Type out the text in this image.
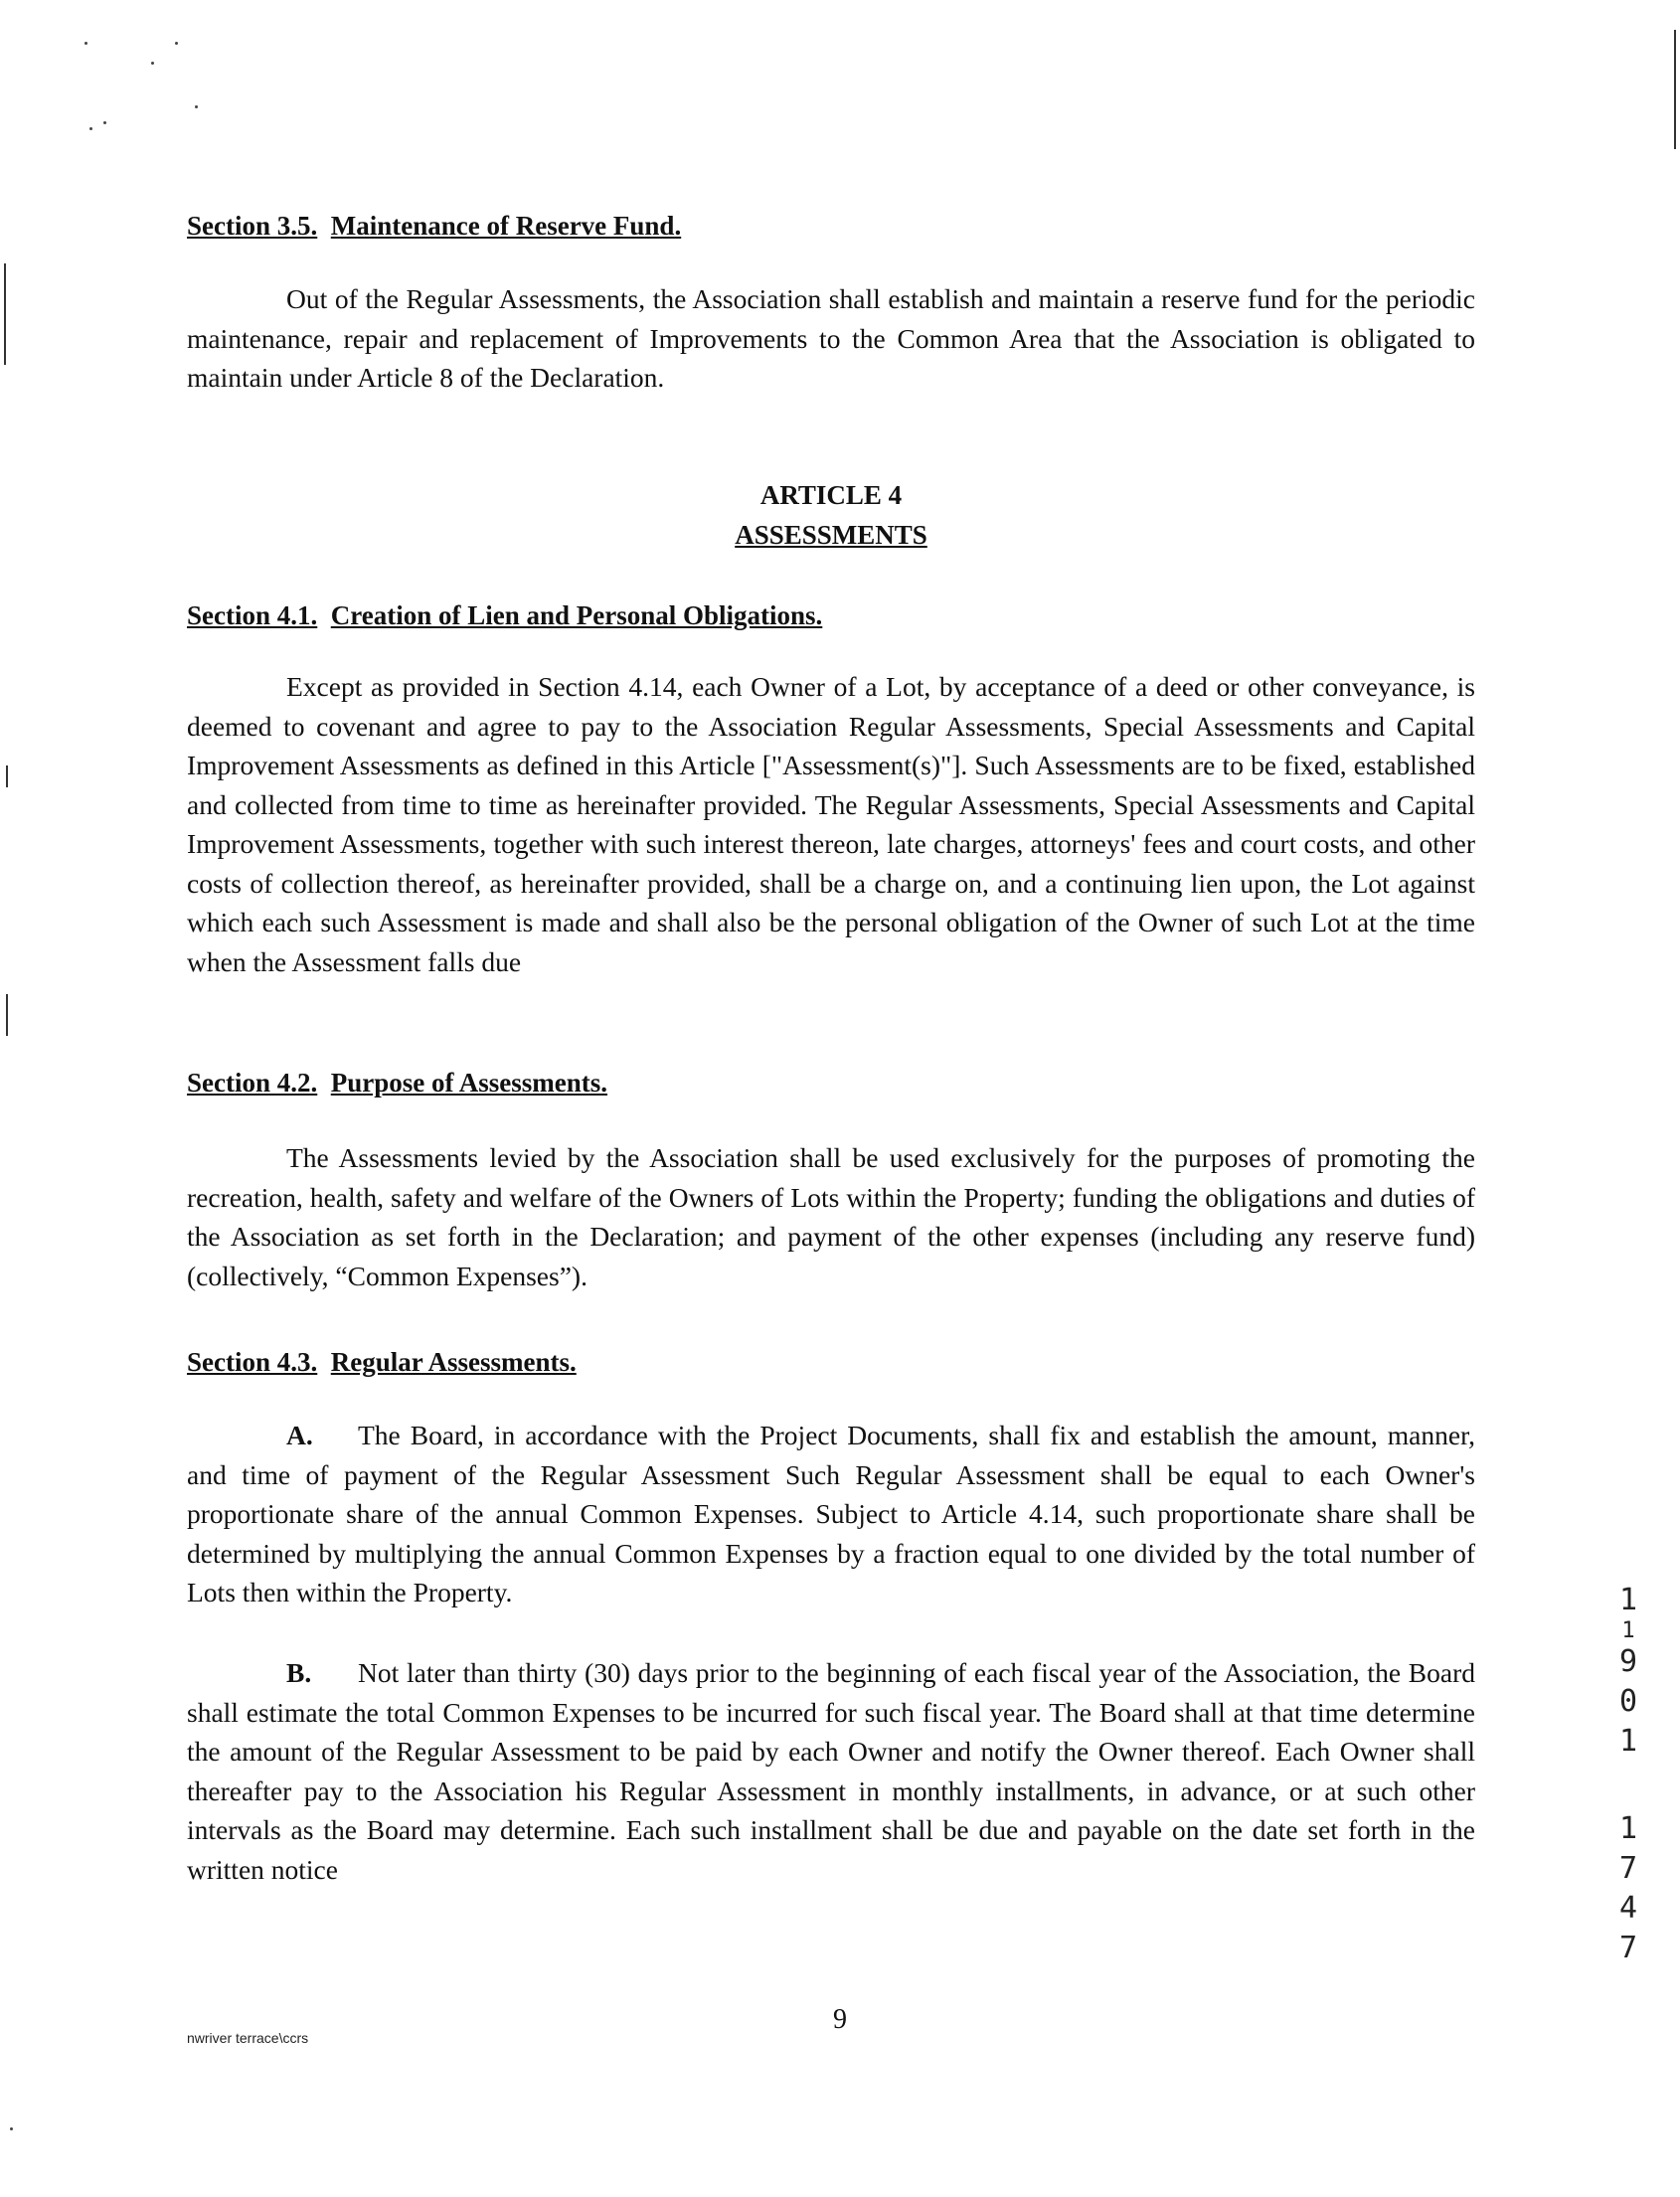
Section 3.5. Maintenance of Reserve Fund.

Out of the Regular Assessments, the Association shall establish and maintain a reserve fund for the periodic maintenance, repair and replacement of Improvements to the Common Area that the Association is obligated to maintain under Article 8 of the Declaration.

ARTICLE 4
ASSESSMENTS

Section 4.1. Creation of Lien and Personal Obligations.

Except as provided in Section 4.14, each Owner of a Lot, by acceptance of a deed or other conveyance, is deemed to covenant and agree to pay to the Association Regular Assessments, Special Assessments and Capital Improvement Assessments as defined in this Article ["Assessment(s)"]. Such Assessments are to be fixed, established and collected from time to time as hereinafter provided. The Regular Assessments, Special Assessments and Capital Improvement Assessments, together with such interest thereon, late charges, attorneys' fees and court costs, and other costs of collection thereof, as hereinafter provided, shall be a charge on, and a continuing lien upon, the Lot against which each such Assessment is made and shall also be the personal obligation of the Owner of such Lot at the time when the Assessment falls due

Section 4.2. Purpose of Assessments.

The Assessments levied by the Association shall be used exclusively for the purposes of promoting the recreation, health, safety and welfare of the Owners of Lots within the Property; funding the obligations and duties of the Association as set forth in the Declaration; and payment of the other expenses (including any reserve fund) (collectively, “Common Expenses”).

Section 4.3. Regular Assessments.

A. The Board, in accordance with the Project Documents, shall fix and establish the amount, manner, and time of payment of the Regular Assessment Such Regular Assessment shall be equal to each Owner's proportionate share of the annual Common Expenses. Subject to Article 4.14, such proportionate share shall be determined by multiplying the annual Common Expenses by a fraction equal to one divided by the total number of Lots then within the Property.

B. Not later than thirty (30) days prior to the beginning of each fiscal year of the Association, the Board shall estimate the total Common Expenses to be incurred for such fiscal year. The Board shall at that time determine the amount of the Regular Assessment to be paid by each Owner and notify the Owner thereof. Each Owner shall thereafter pay to the Association his Regular Assessment in monthly installments, in advance, or at such other intervals as the Board may determine. Each such installment shall be due and payable on the date set forth in the written notice

1
1
9
0
1
1
7
4
7
9
nwriver terrace\ccrs
